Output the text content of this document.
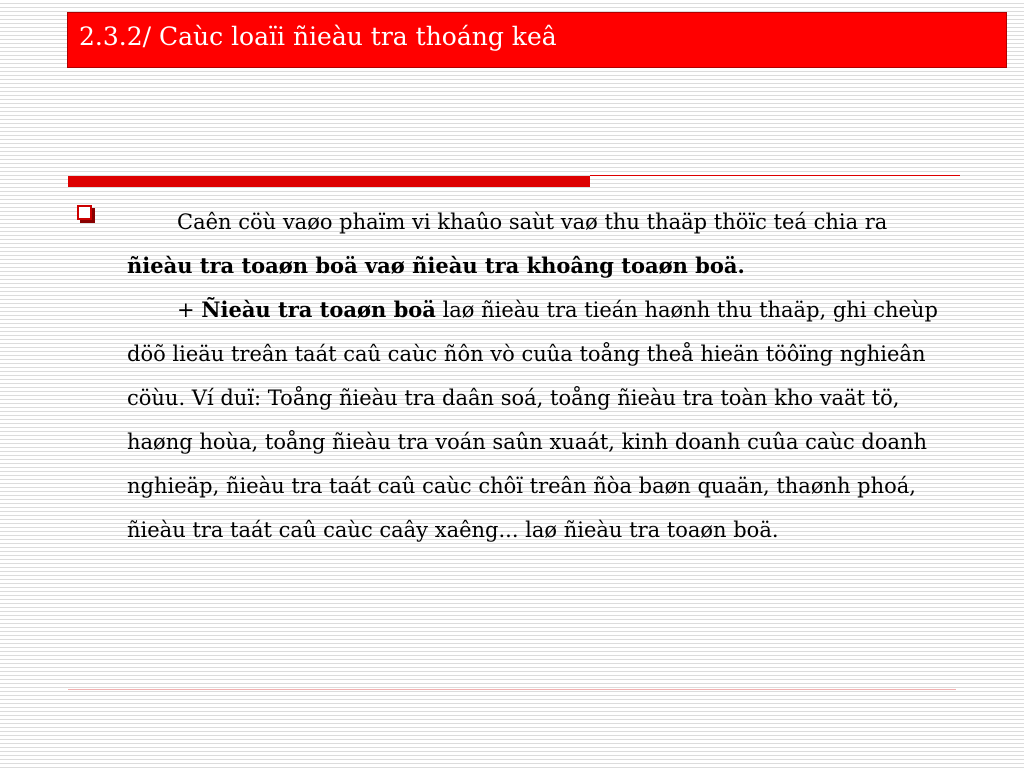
2.3.2/ Caùc loaïi ñieàu tra thoáng keâ

Caên cöù vaøo phaïm vi khaûo saùt vaø thu thaäp thöïc teá chia ra ñieàu tra toaøn boä vaø ñieàu tra khoâng toaøn boä.

+ Ñieàu tra toaøn boä laø ñieàu tra tieán haønh thu thaäp, ghi cheùp döõ lieäu treân taát caû caùc ñôn vò cuûa toång theå hieän töôïng nghieân cöùu. Ví duï: Toång ñieàu tra daân soá, toång ñieàu tra toàn kho vaät tö, haøng hoùa, toång ñieàu tra voán saûn xuaát, kinh doanh cuûa caùc doanh nghieäp, ñieàu tra taát caû caùc chôï treân ñòa baøn quaän, thaønh phoá, ñieàu tra taát caû caùc caây xaêng... laø ñieàu tra toaøn boä.
